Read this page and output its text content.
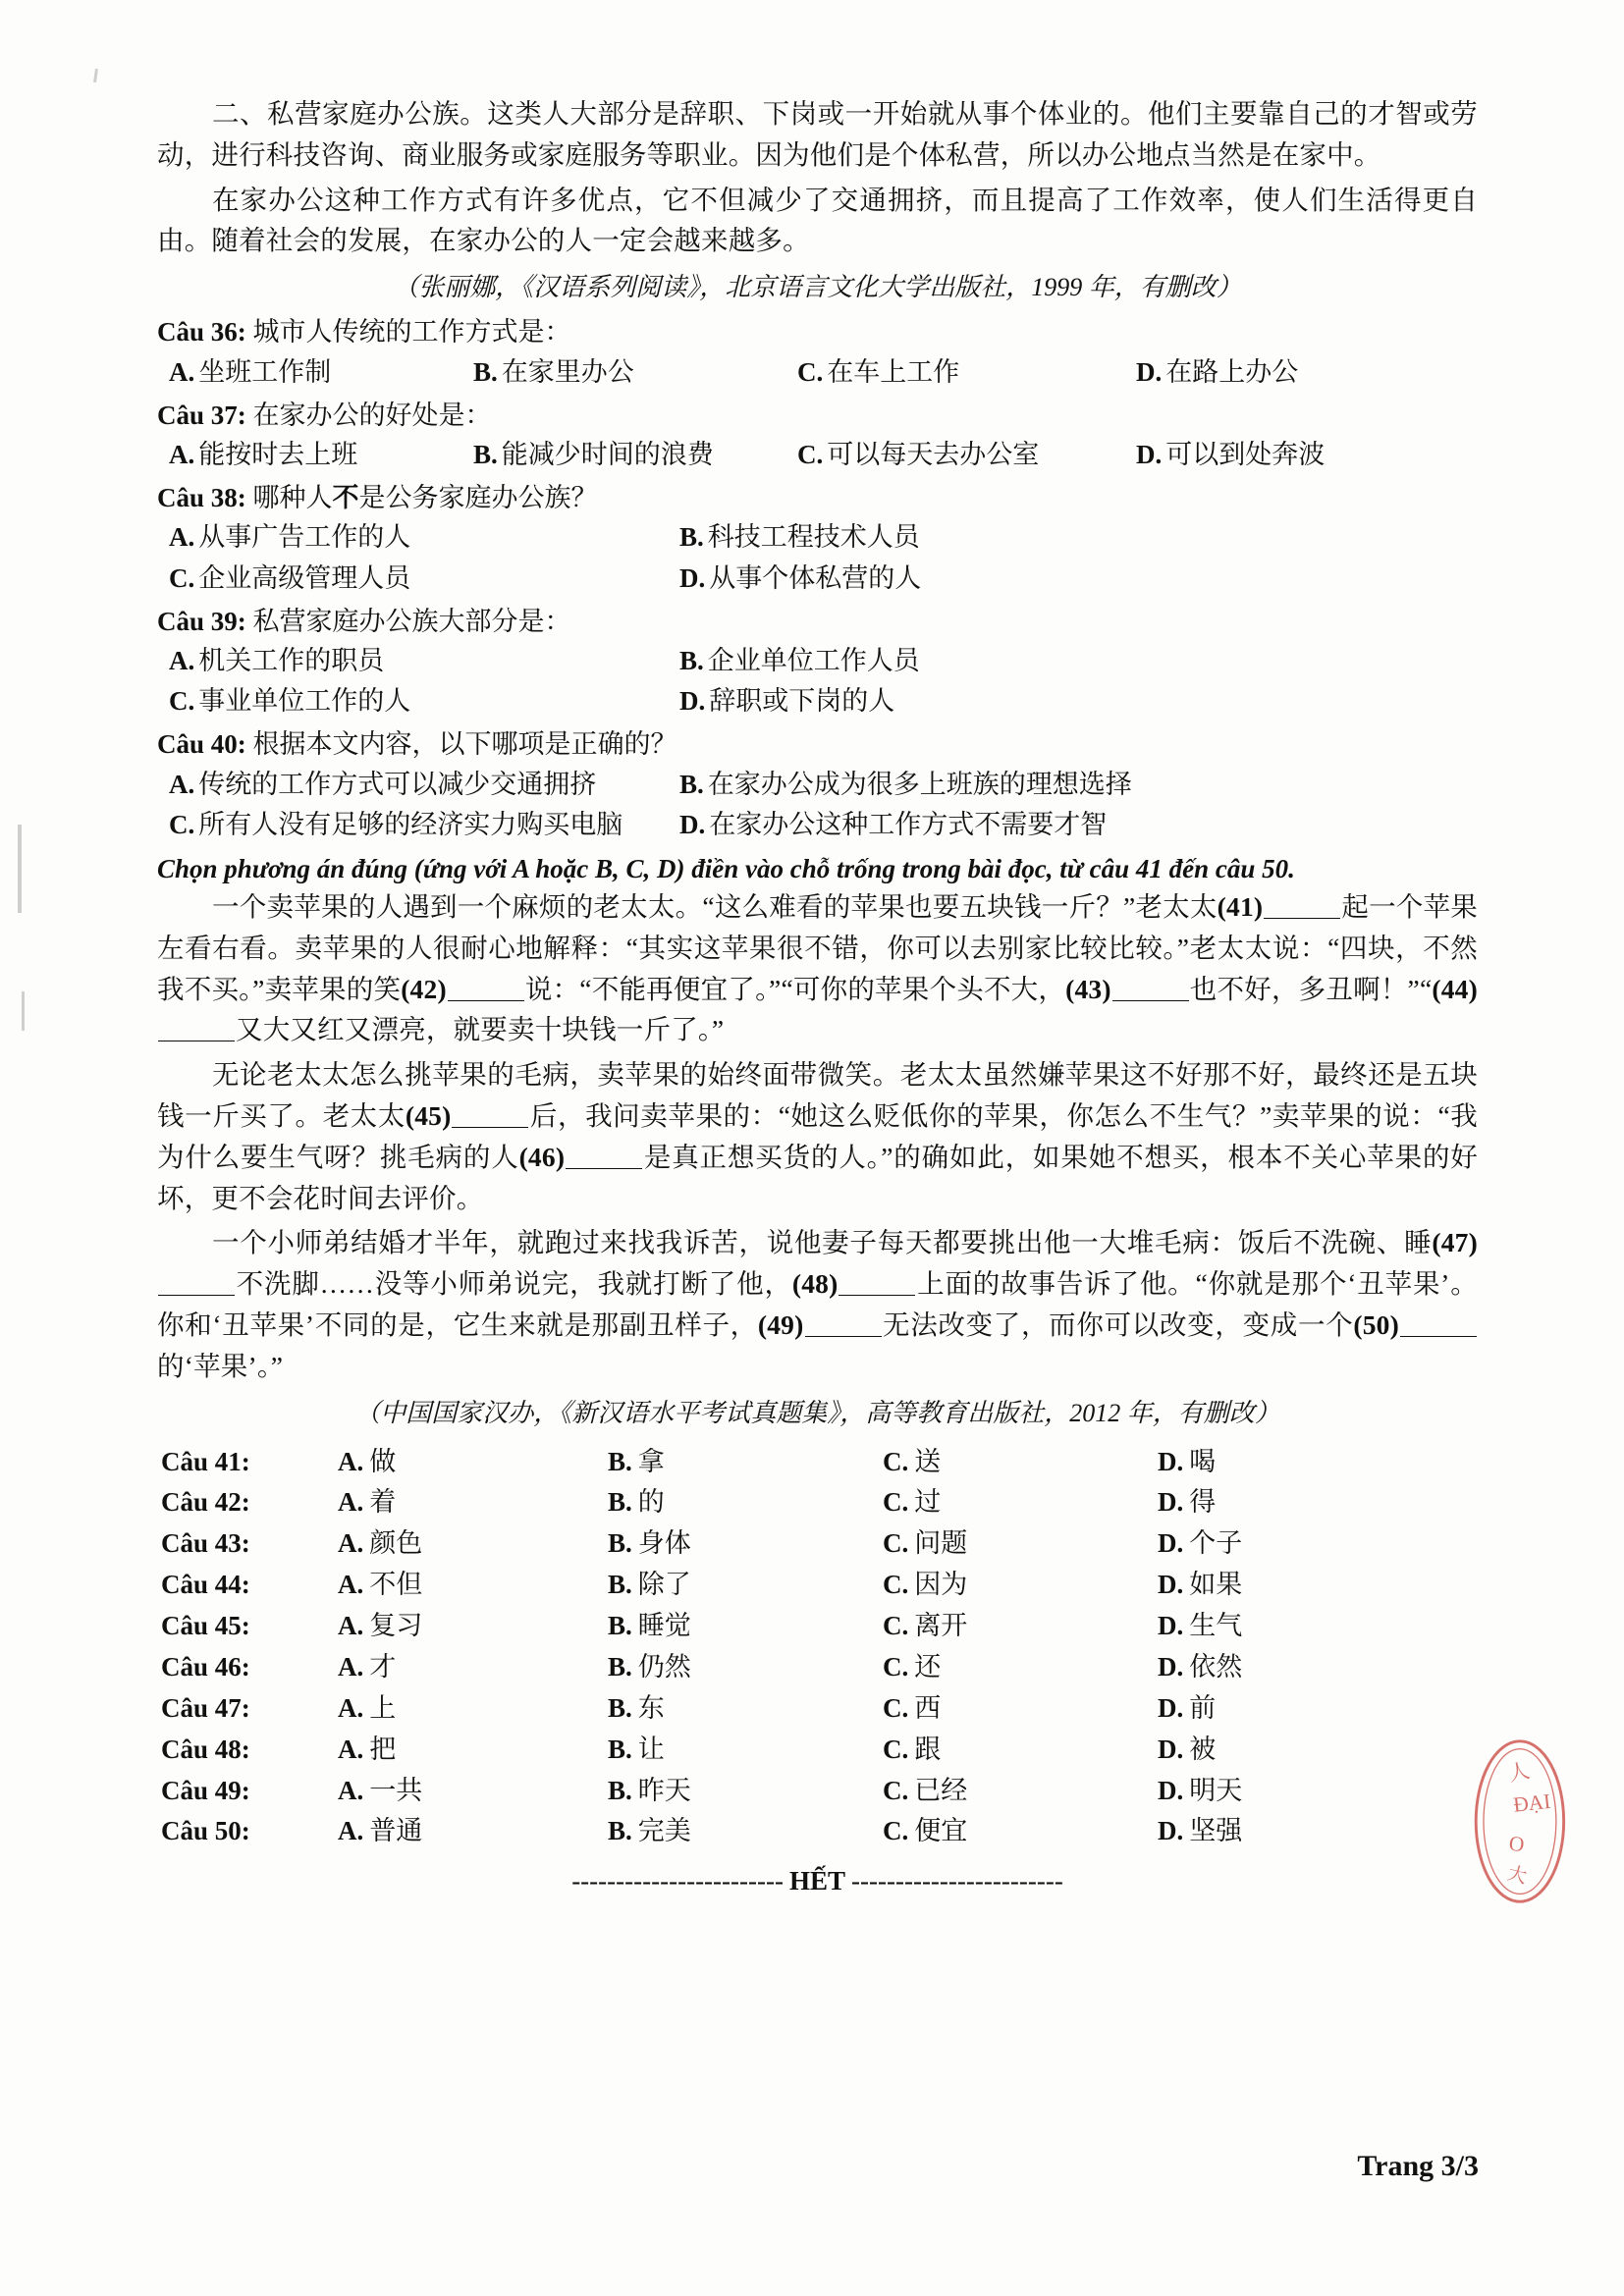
二、私营家庭办公族。这类人大部分是辞职、下岗或一开始就从事个体业的。他们主要靠自己的才智或劳动，进行科技咨询、商业服务或家庭服务等职业。因为他们是个体私营，所以办公地点当然是在家中。

在家办公这种工作方式有许多优点，它不但减少了交通拥挤，而且提高了工作效率，使人们生活得更自由。随着社会的发展，在家办公的人一定会越来越多。

（张丽娜，《汉语系列阅读》，北京语言文化大学出版社，1999 年，有删改）
Câu 36: 城市人传统的工作方式是：
A. 坐班工作制	B. 在家里办公	C. 在车上工作	D. 在路上办公
Câu 37: 在家办公的好处是：
A. 能按时去上班	B. 能减少时间的浪费	C. 可以每天去办公室	D. 可以到处奔波
Câu 38: 哪种人不是公务家庭办公族？
A. 从事广告工作的人	B. 科技工程技术人员
C. 企业高级管理人员	D. 从事个体私营的人
Câu 39: 私营家庭办公族大部分是：
A. 机关工作的职员	B. 企业单位工作人员
C. 事业单位工作的人	D. 辞职或下岗的人
Câu 40: 根据本文内容，以下哪项是正确的？
A. 传统的工作方式可以减少交通拥挤	B. 在家办公成为很多上班族的理想选择
C. 所有人没有足够的经济实力购买电脑 D. 在家办公这种工作方式不需要才智
Chọn phương án đúng (ứng với A hoặc B, C, D) điền vào chỗ trống trong bài đọc, từ câu 41 đến câu 50.

一个卖苹果的人遇到一个麻烦的老太太。“这么难看的苹果也要五块钱一斤？”老太太(41)	起一个苹果左看右看。卖苹果的人很耐心地解释：“其实这苹果很不错，你可以去别家比较比较。”老太太说：“四块，不然我不买。”卖苹果的笑(42)	说：“不能再便宜了。”“可你的苹果个头不大，(43)	也不好，多丑啊！”“(44)又大又红又漂亮，就要卖十块钱一斤了。”

无论老太太怎么挑苹果的毛病，卖苹果的始终面带微笑。老太太虽然嫌苹果这不好那不好，最终还是五块钱一斤买了。老太太(45)	后，我问卖苹果的：“她这么贬低你的苹果，你怎么不生气？”卖苹果的说：“我为什么要生气呀？挑毛病的人(46)	是真正想买货的人。”的确如此，如果她不想买，根本不关心苹果的好坏，更不会花时间去评价。

一个小师弟结婚才半年，就跑过来找我诉苦，说他妻子每天都要挑出他一大堆毛病：饭后不洗碗、睡(47)不洗脚……没等小师弟说完，我就打断了他，(48)	上面的故事告诉了他。“你就是那个‘丑苹果’。你和‘丑苹果’不同的是，它生来就是那副丑样子，(49)	无法改变了，而你可以改变，变成一个(50)的‘苹果’。”

（中国国家汉办，《新汉语水平考试真题集》，高等教育出版社，2012 年，有删改）
Câu 41:	A. 做	B. 拿	C. 送	D. 喝
Câu 42:	A. 着	B. 的	C. 过	D. 得
Câu 43:	A. 颜色	B. 身体	C. 问题	D. 个子
Câu 44:	A. 不但	B. 除了	C. 因为	D. 如果
Câu 45:	A. 复习	B. 睡觉	C. 离开	D. 生气
Câu 46:	A. 才	B. 仍然	C. 还	D. 依然
Câu 47:	A. 上	B. 东	C. 西	D. 前
Câu 48:	A. 把	B. 让	C. 跟	D. 被
Câu 49:	A. 一共	B. 昨天	C. 已经	D. 明天
Câu 50:	A. 普通	B. 完美	C. 便宜	D. 坚强
------------------------ HẾT ------------------------
人
ĐẠI
O
大
Trang 3/3
